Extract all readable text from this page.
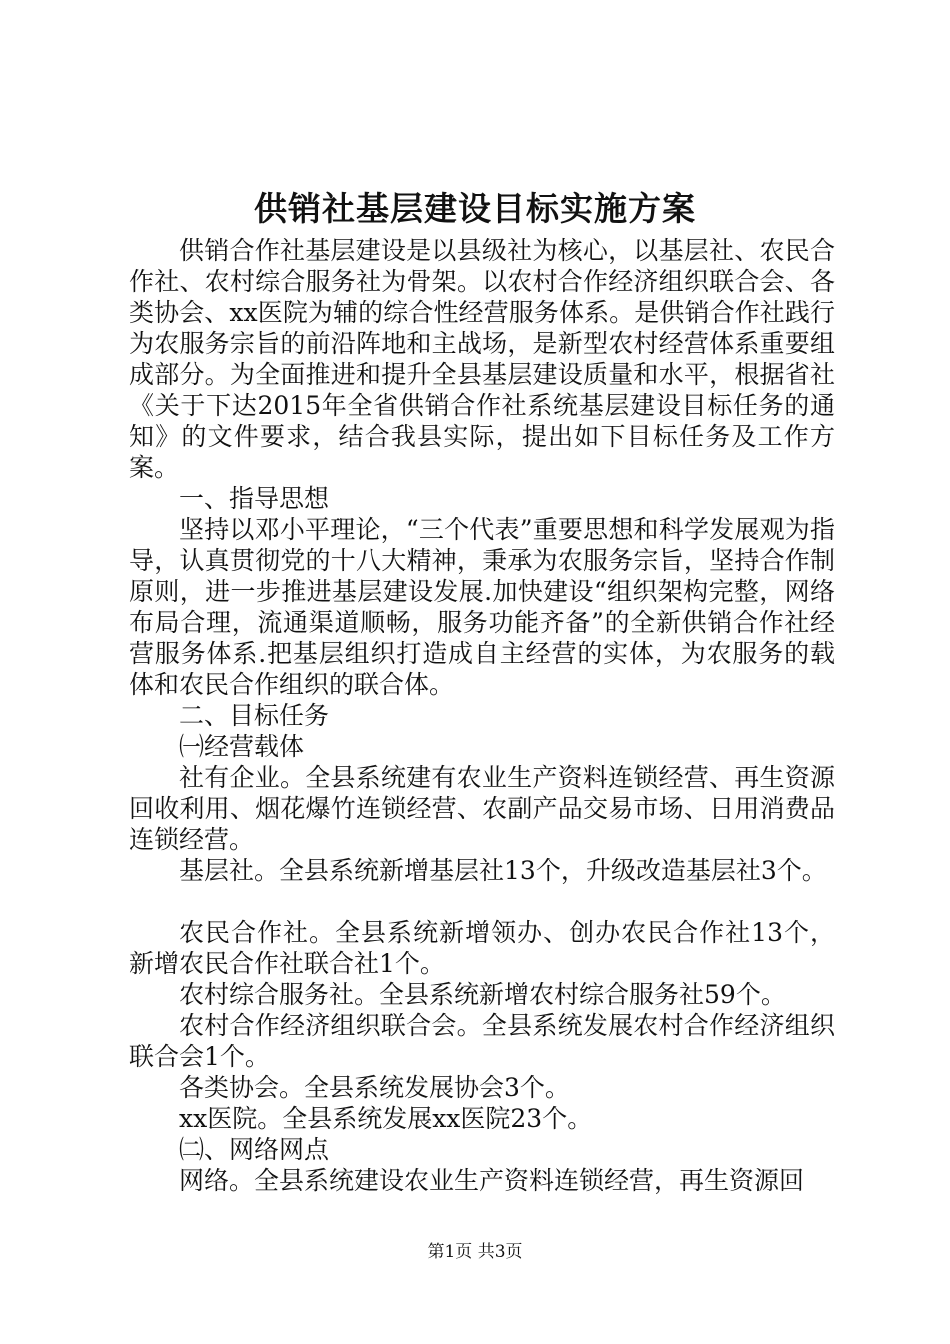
供销社基层建设目标实施方案

供销合作社基层建设是以县级社为核心，以基层社、农民合作社、农村综合服务社为骨架。以农村合作经济组织联合会、各类协会、xx医院为辅的综合性经营服务体系。是供销合作社践行为农服务宗旨的前沿阵地和主战场，是新型农村经营体系重要组成部分。为全面推进和提升全县基层建设质量和水平，根据省社《关于下达2015年全省供销合作社系统基层建设目标任务的通知》的文件要求，结合我县实际，提出如下目标任务及工作方案。

一、指导思想

坚持以邓小平理论，“三个代表”重要思想和科学发展观为指导，认真贯彻党的十八大精神，秉承为农服务宗旨，坚持合作制原则，进一步推进基层建设发展.加快建设“组织架构完整，网络布局合理，流通渠道顺畅，服务功能齐备”的全新供销合作社经营服务体系.把基层组织打造成自主经营的实体，为农服务的载体和农民合作组织的联合体。

二、目标任务

㈠经营载体

社有企业。全县系统建有农业生产资料连锁经营、再生资源回收利用、烟花爆竹连锁经营、农副产品交易市场、日用消费品连锁经营。

基层社。全县系统新增基层社13个，升级改造基层社3个。

农民合作社。全县系统新增领办、创办农民合作社13个，新增农民合作社联合社1个。

农村综合服务社。全县系统新增农村综合服务社59个。

农村合作经济组织联合会。全县系统发展农村合作经济组织联合会1个。

各类协会。全县系统发展协会3个。

xx医院。全县系统发展xx医院23个。

㈡、网络网点

网络。全县系统建设农业生产资料连锁经营，再生资源回

第1页 共3页
